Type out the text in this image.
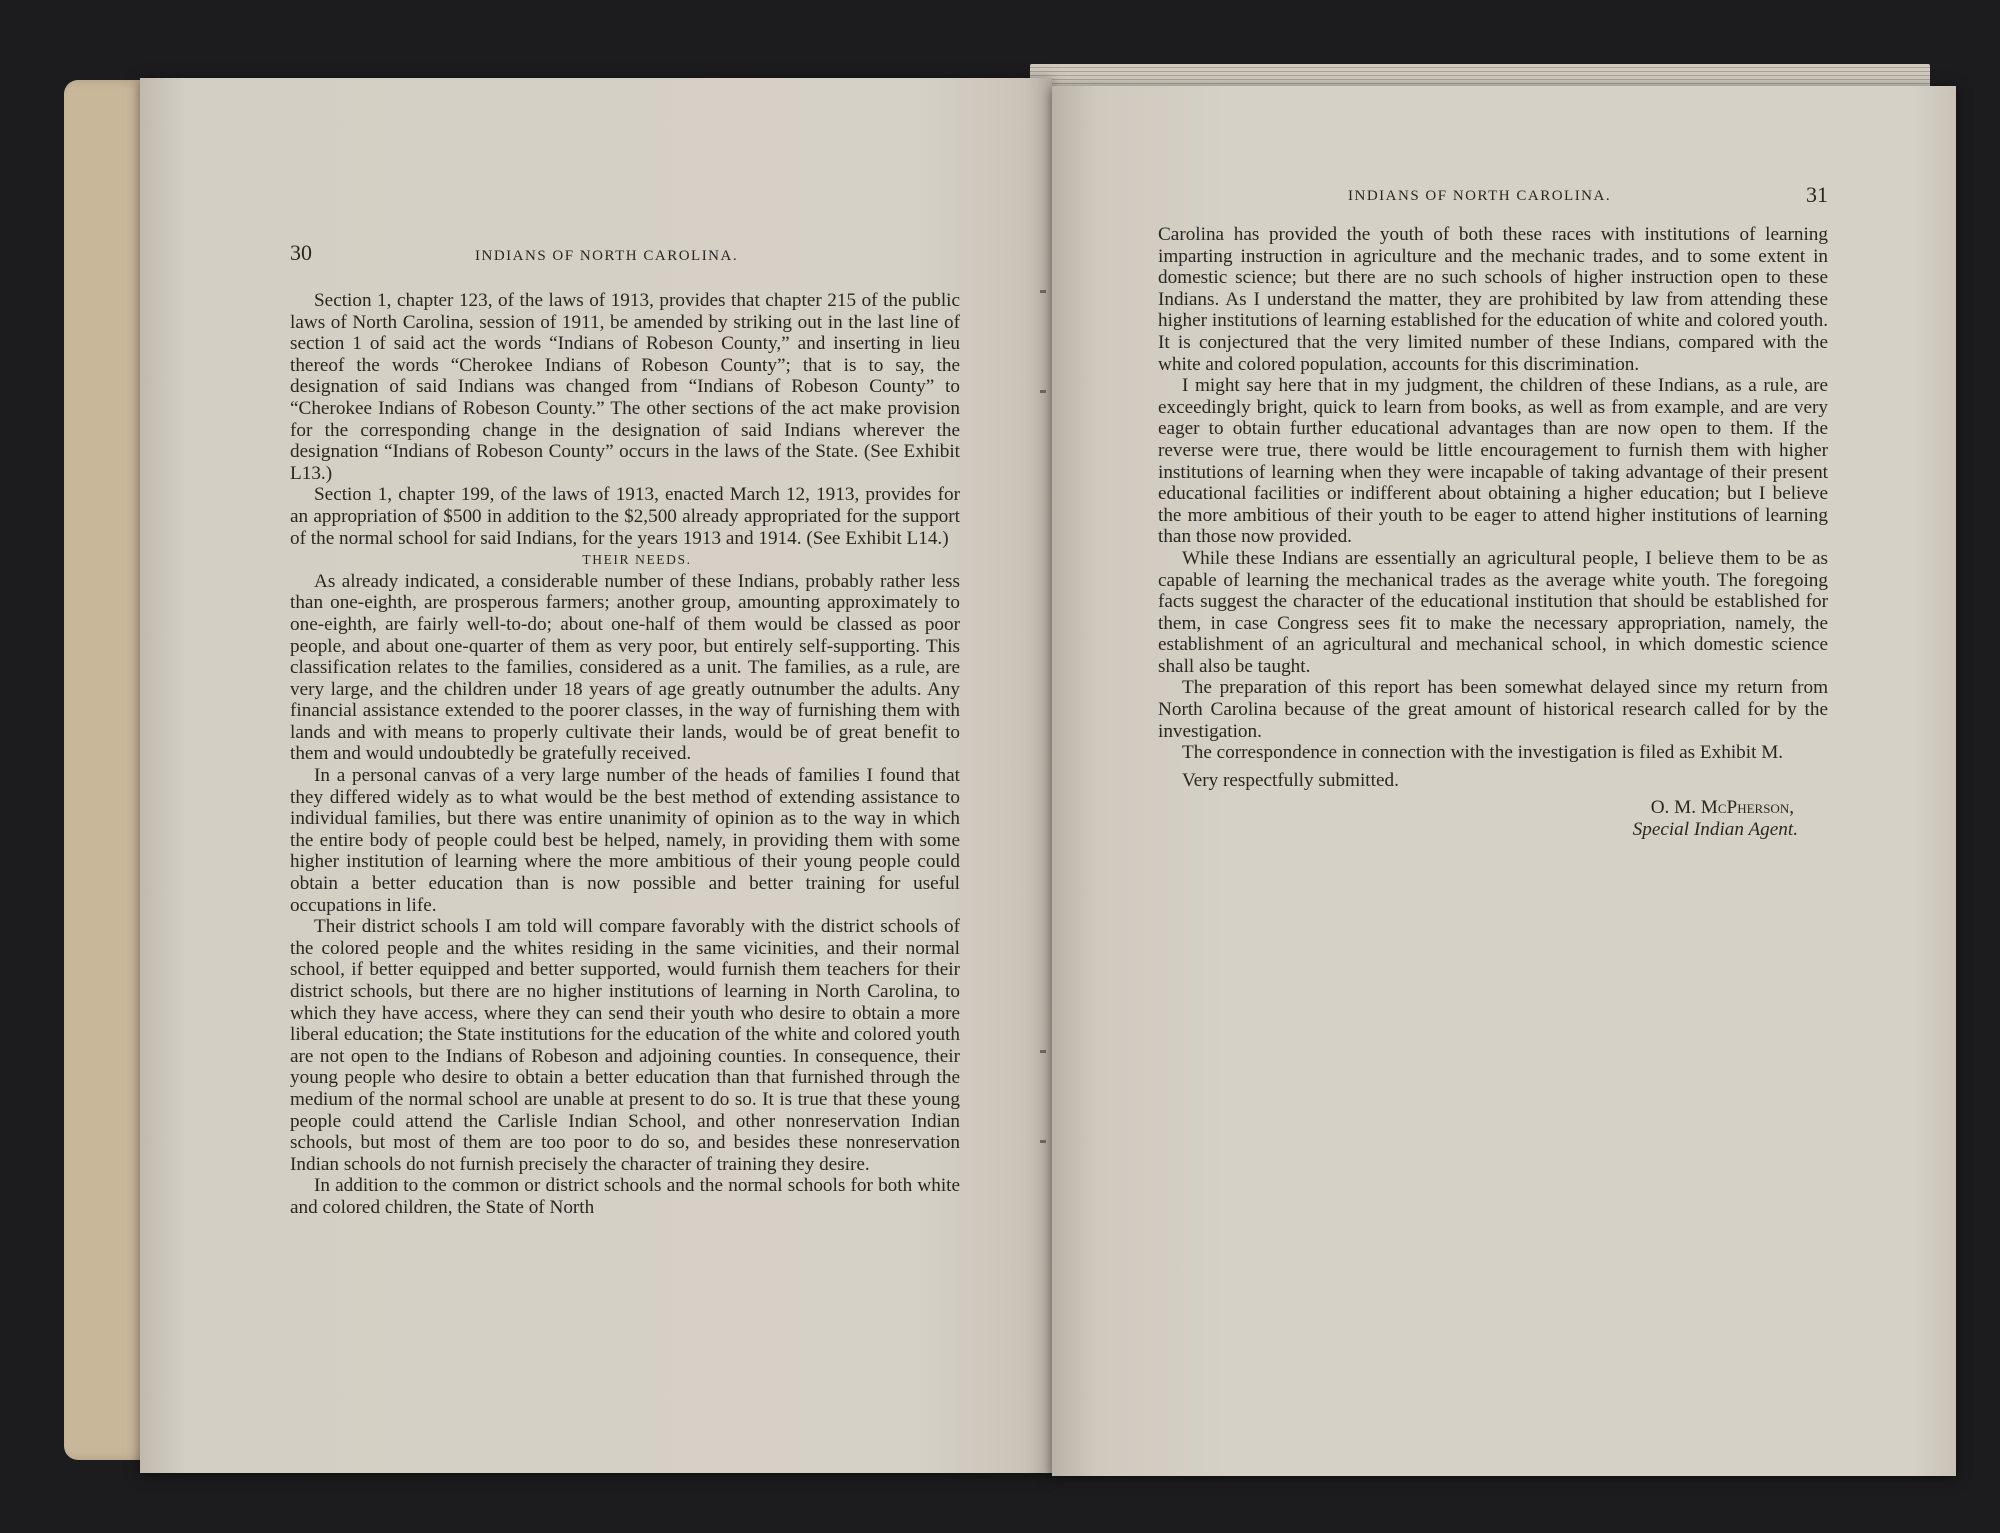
30	INDIANS OF NORTH CAROLINA.

Section 1, chapter 123, of the laws of 1913, provides that chapter 215 of the public laws of North Carolina, session of 1911, be amended by striking out in the last line of section 1 of said act the words “Indians of Robeson County,” and inserting in lieu thereof the words “Cherokee Indians of Robeson County”; that is to say, the designation of said Indians was changed from “Indians of Robeson County” to “Cherokee Indians of Robeson County.” The other sections of the act make provision for the corresponding change in the designation of said Indians wherever the designation “Indians of Robeson County” occurs in the laws of the State. (See Exhibit L13.)

Section 1, chapter 199, of the laws of 1913, enacted March 12, 1913, provides for an appropriation of $500 in addition to the $2,500 already appropriated for the support of the normal school for said Indians, for the years 1913 and 1914. (See Exhibit L14.)

THEIR NEEDS.

As already indicated, a considerable number of these Indians, probably rather less than one-eighth, are prosperous farmers; another group, amounting approximately to one-eighth, are fairly well-to-do; about one-half of them would be classed as poor people, and about one-quarter of them as very poor, but entirely self-supporting. This classification relates to the families, considered as a unit. The families, as a rule, are very large, and the children under 18 years of age greatly outnumber the adults. Any financial assistance extended to the poorer classes, in the way of furnishing them with lands and with means to properly cultivate their lands, would be of great benefit to them and would undoubtedly be gratefully received.

In a personal canvas of a very large number of the heads of families I found that they differed widely as to what would be the best method of extending assistance to individual families, but there was entire unanimity of opinion as to the way in which the entire body of people could best be helped, namely, in providing them with some higher institution of learning where the more ambitious of their young people could obtain a better education than is now possible and better training for useful occupations in life.

Their district schools I am told will compare favorably with the district schools of the colored people and the whites residing in the same vicinities, and their normal school, if better equipped and better supported, would furnish them teachers for their district schools, but there are no higher institutions of learning in North Carolina, to which they have access, where they can send their youth who desire to obtain a more liberal education; the State institutions for the education of the white and colored youth are not open to the Indians of Robeson and adjoining counties. In consequence, their young people who desire to obtain a better education than that furnished through the medium of the normal school are unable at present to do so. It is true that these young people could attend the Carlisle Indian School, and other nonreservation Indian schools, but most of them are too poor to do so, and besides these nonreservation Indian schools do not furnish precisely the character of training they desire.

In addition to the common or district schools and the normal schools for both white and colored children, the State of North

INDIANS OF NORTH CAROLINA.	31

Carolina has provided the youth of both these races with institutions of learning imparting instruction in agriculture and the mechanic trades, and to some extent in domestic science; but there are no such schools of higher instruction open to these Indians. As I understand the matter, they are prohibited by law from attending these higher institutions of learning established for the education of white and colored youth. It is conjectured that the very limited number of these Indians, compared with the white and colored population, accounts for this discrimination.

I might say here that in my judgment, the children of these Indians, as a rule, are exceedingly bright, quick to learn from books, as well as from example, and are very eager to obtain further educational advantages than are now open to them. If the reverse were true, there would be little encouragement to furnish them with higher institutions of learning when they were incapable of taking advantage of their present educational facilities or indifferent about obtaining a higher education; but I believe the more ambitious of their youth to be eager to attend higher institutions of learning than those now provided.

While these Indians are essentially an agricultural people, I believe them to be as capable of learning the mechanical trades as the average white youth. The foregoing facts suggest the character of the educational institution that should be established for them, in case Congress sees fit to make the necessary appropriation, namely, the establishment of an agricultural and mechanical school, in which domestic science shall also be taught.

The preparation of this report has been somewhat delayed since my return from North Carolina because of the great amount of historical research called for by the investigation.

The correspondence in connection with the investigation is filed as Exhibit M.

Very respectfully submitted.

O. M. McPherson,
Special Indian Agent.
